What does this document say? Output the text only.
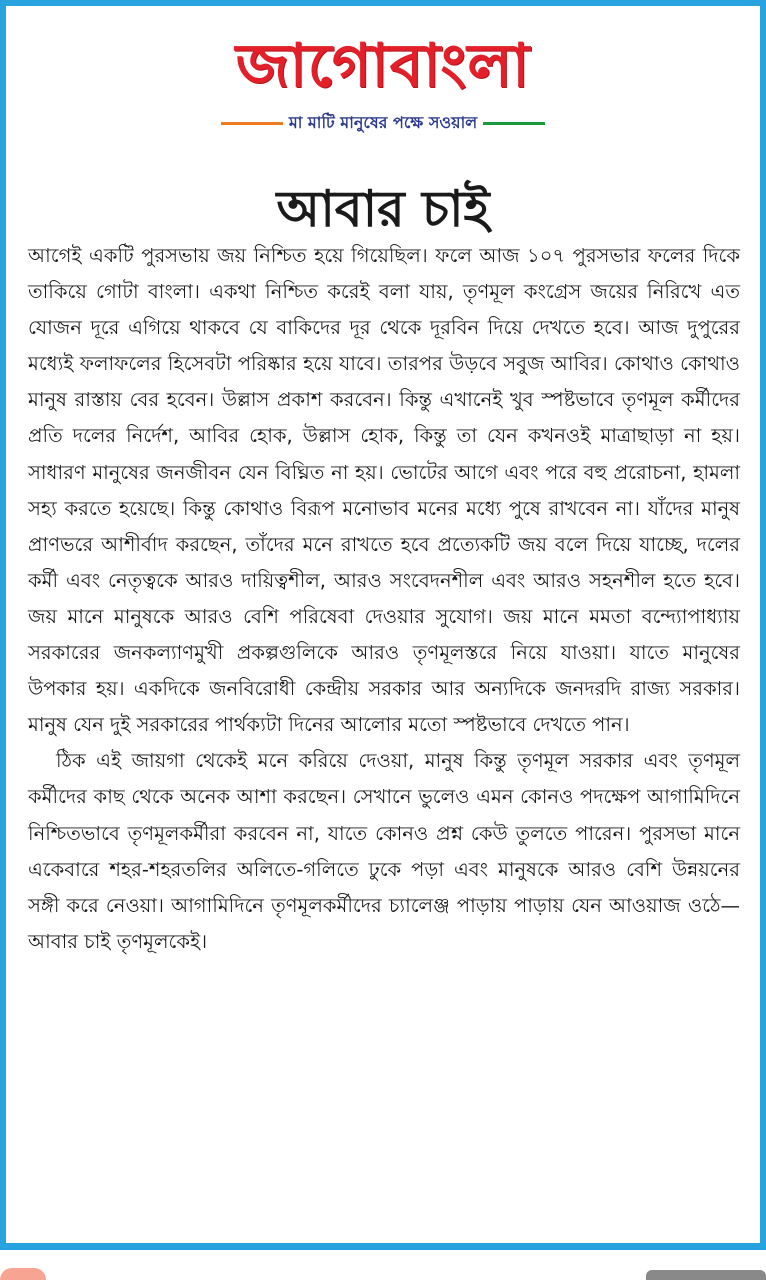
জাগোবাংলা
মা মাটি মানুষের পক্ষে সওয়াল
আবার চাই

আগেই একটি পুরসভায় জয় নিশ্চিত হয়ে গিয়েছিল। ফলে আজ ১০৭ পুরসভার ফলের দিকে তাকিয়ে গোটা বাংলা। একথা নিশ্চিত করেই বলা যায়, তৃণমূল কংগ্রেস জয়ের নিরিখে এত যোজন দূরে এগিয়ে থাকবে যে বাকিদের দূর থেকে দূরবিন দিয়ে দেখতে হবে। আজ দুপুরের মধ্যেই ফলাফলের হিসেবটা পরিষ্কার হয়ে যাবে। তারপর উড়বে সবুজ আবির। কোথাও কোথাও মানুষ রাস্তায় বের হবেন। উল্লাস প্রকাশ করবেন। কিন্তু এখানেই খুব স্পষ্টভাবে তৃণমূল কর্মীদের প্রতি দলের নির্দেশ, আবির হোক, উল্লাস হোক, কিন্তু তা যেন কখনওই মাত্রাছাড়া না হয়। সাধারণ মানুষের জনজীবন যেন বিঘ্নিত না হয়। ভোটের আগে এবং পরে বহু প্ররোচনা, হামলা সহ্য করতে হয়েছে। কিন্তু কোথাও বিরূপ মনোভাব মনের মধ্যে পুষে রাখবেন না। যাঁদের মানুষ প্রাণভরে আশীর্বাদ করছেন, তাঁদের মনে রাখতে হবে প্রত্যেকটি জয় বলে দিয়ে যাচ্ছে, দলের কর্মী এবং নেতৃত্বকে আরও দায়িত্বশীল, আরও সংবেদনশীল এবং আরও সহনশীল হতে হবে। জয় মানে মানুষকে আরও বেশি পরিষেবা দেওয়ার সুযোগ। জয় মানে মমতা বন্দ্যোপাধ্যায় সরকারের জনকল্যাণমুখী প্রকল্পগুলিকে আরও তৃণমূলস্তরে নিয়ে যাওয়া। যাতে মানুষের উপকার হয়। একদিকে জনবিরোধী কেন্দ্রীয় সরকার আর অন্যদিকে জনদরদি রাজ্য সরকার। মানুষ যেন দুই সরকারের পার্থক্যটা দিনের আলোর মতো স্পষ্টভাবে দেখতে পান।

ঠিক এই জায়গা থেকেই মনে করিয়ে দেওয়া, মানুষ কিন্তু তৃণমূল সরকার এবং তৃণমূল কর্মীদের কাছ থেকে অনেক আশা করছেন। সেখানে ভুলেও এমন কোনও পদক্ষেপ আগামিদিনে নিশ্চিতভাবে তৃণমূলকর্মীরা করবেন না, যাতে কোনও প্রশ্ন কেউ তুলতে পারেন। পুরসভা মানে একেবারে শহর-শহরতলির অলিতে-গলিতে ঢুকে পড়া এবং মানুষকে আরও বেশি উন্নয়নের সঙ্গী করে নেওয়া। আগামিদিনে তৃণমূলকর্মীদের চ্যালেঞ্জ পাড়ায় পাড়ায় যেন আওয়াজ ওঠে— আবার চাই তৃণমূলকেই।
